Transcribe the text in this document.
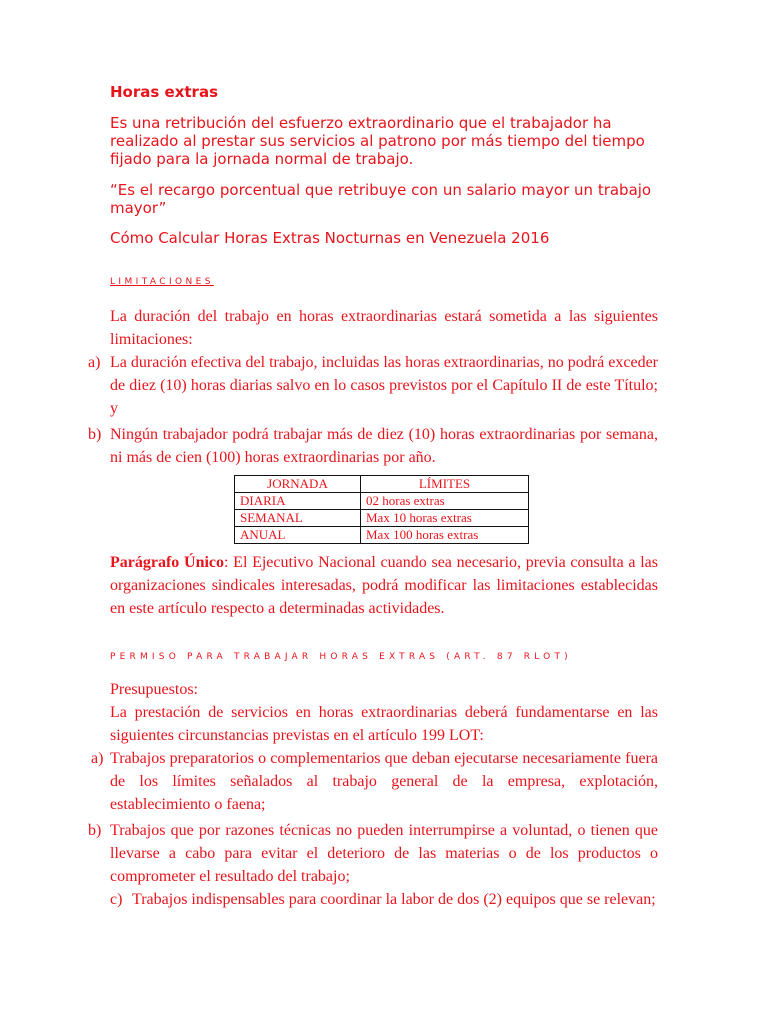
Horas extras
Es una retribución del esfuerzo extraordinario que el trabajador ha realizado al prestar sus servicios al patrono por más tiempo del tiempo fijado para la jornada normal de trabajo.
“Es el recargo porcentual que retribuye con un salario mayor un trabajo mayor”
Cómo Calcular Horas Extras Nocturnas en Venezuela 2016
LIMITACIONES
La duración del trabajo en horas extraordinarias estará sometida a las siguientes limitaciones:
a) La duración efectiva del trabajo, incluidas las horas extraordinarias, no podrá exceder de diez (10) horas diarias salvo en lo casos previstos por el Capítulo II de este Título; y
b) Ningún trabajador podrá trabajar más de diez (10) horas extraordinarias por semana, ni más de cien (100) horas extraordinarias por año.
JORNADA	LÍMITES
DIARIA	02 horas extras
SEMANAL	Max 10 horas extras
ANUAL	Max 100 horas extras
Parágrafo Único: El Ejecutivo Nacional cuando sea necesario, previa consulta a las organizaciones sindicales interesadas, podrá modificar las limitaciones establecidas en este artículo respecto a determinadas actividades.
PERMISO PARA TRABAJAR HORAS EXTRAS (ART. 87 RLOT)
Presupuestos:
La prestación de servicios en horas extraordinarias deberá fundamentarse en las siguientes circunstancias previstas en el artículo 199 LOT:
a) Trabajos preparatorios o complementarios que deban ejecutarse necesariamente fuera de los límites señalados al trabajo general de la empresa, explotación, establecimiento o faena;
b) Trabajos que por razones técnicas no pueden interrumpirse a voluntad, o tienen que llevarse a cabo para evitar el deterioro de las materias o de los productos o comprometer el resultado del trabajo;
c) Trabajos indispensables para coordinar la labor de dos (2) equipos que se relevan;
